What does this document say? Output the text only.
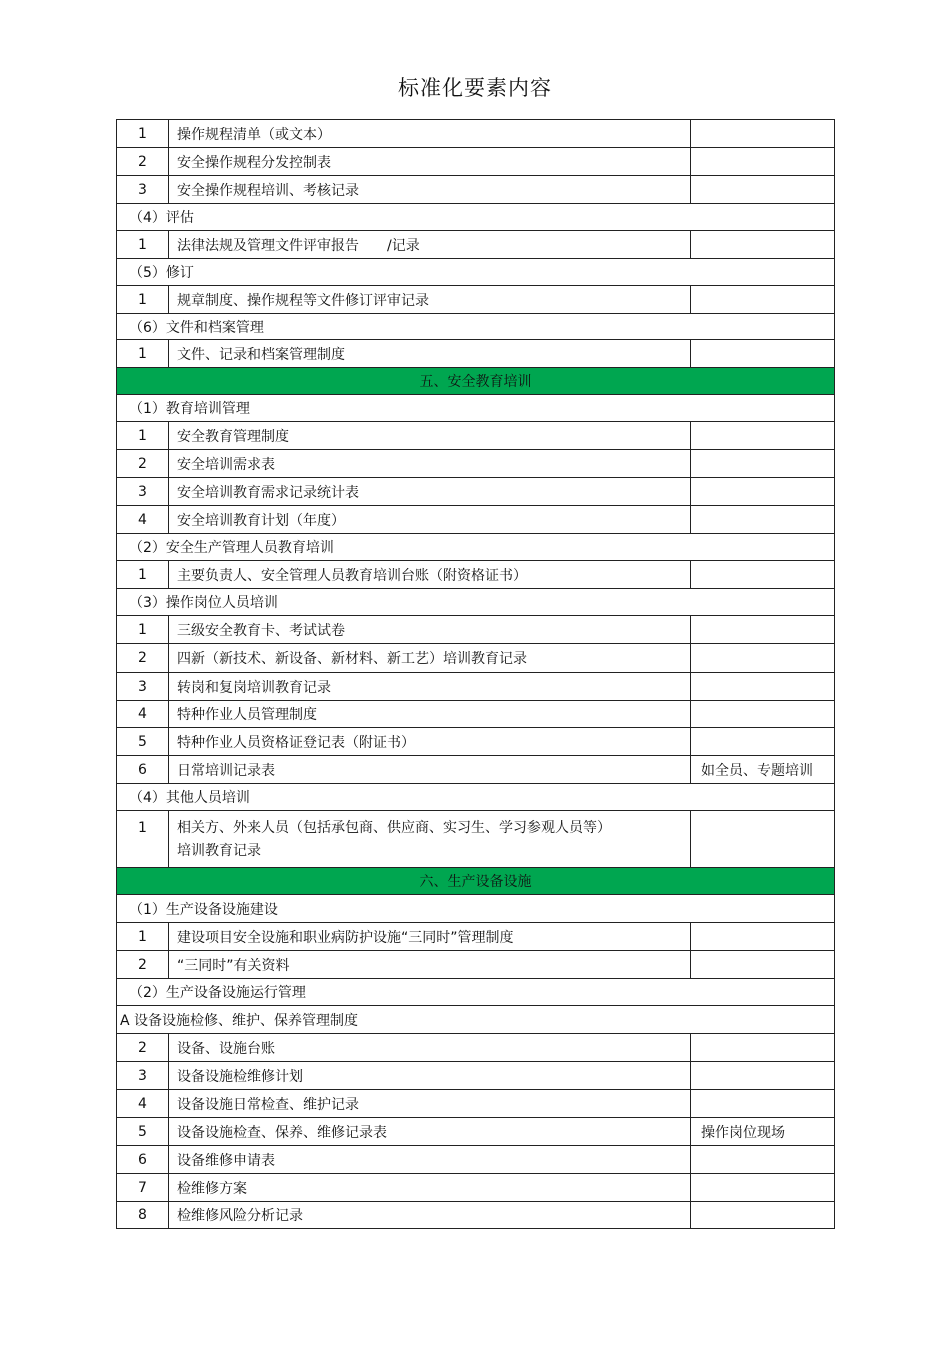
标准化要素内容
1	操作规程清单（或文本）	
2	安全操作规程分发控制表	
3	安全操作规程培训、考核记录	
（4）评估		
1	法律法规及管理文件评审报告　　/记录	
（5）修订		
1	规章制度、操作规程等文件修订评审记录	
（6）文件和档案管理		
1	文件、记录和档案管理制度	
五、安全教育培训		
（1）教育培训管理		
1	安全教育管理制度	
2	安全培训需求表	
3	安全培训教育需求记录统计表	
4	安全培训教育计划（年度）	
（2）安全生产管理人员教育培训		
1	主要负责人、安全管理人员教育培训台账（附资格证书）	
（3）操作岗位人员培训		
1	三级安全教育卡、考试试卷	
2	四新（新技术、新设备、新材料、新工艺）培训教育记录	
3	转岗和复岗培训教育记录	
4	特种作业人员管理制度	
5	特种作业人员资格证登记表（附证书）	
6	日常培训记录表	如全员、专题培训
（4）其他人员培训		
1	相关方、外来人员（包括承包商、供应商、实习生、学习参观人员等）
培训教育记录	

六、生产设备设施		
（1）生产设备设施建设		
1	建设项目安全设施和职业病防护设施“三同时”管理制度	
2	“三同时”有关资料	
（2）生产设备设施运行管理		
A 设备设施检修、维护、保养管理制度		
2	设备、设施台账	
3	设备设施检维修计划	
4	设备设施日常检查、维护记录	
5	设备设施检查、保养、维修记录表	操作岗位现场
6	设备维修申请表	
7	检维修方案	
8	检维修风险分析记录	
